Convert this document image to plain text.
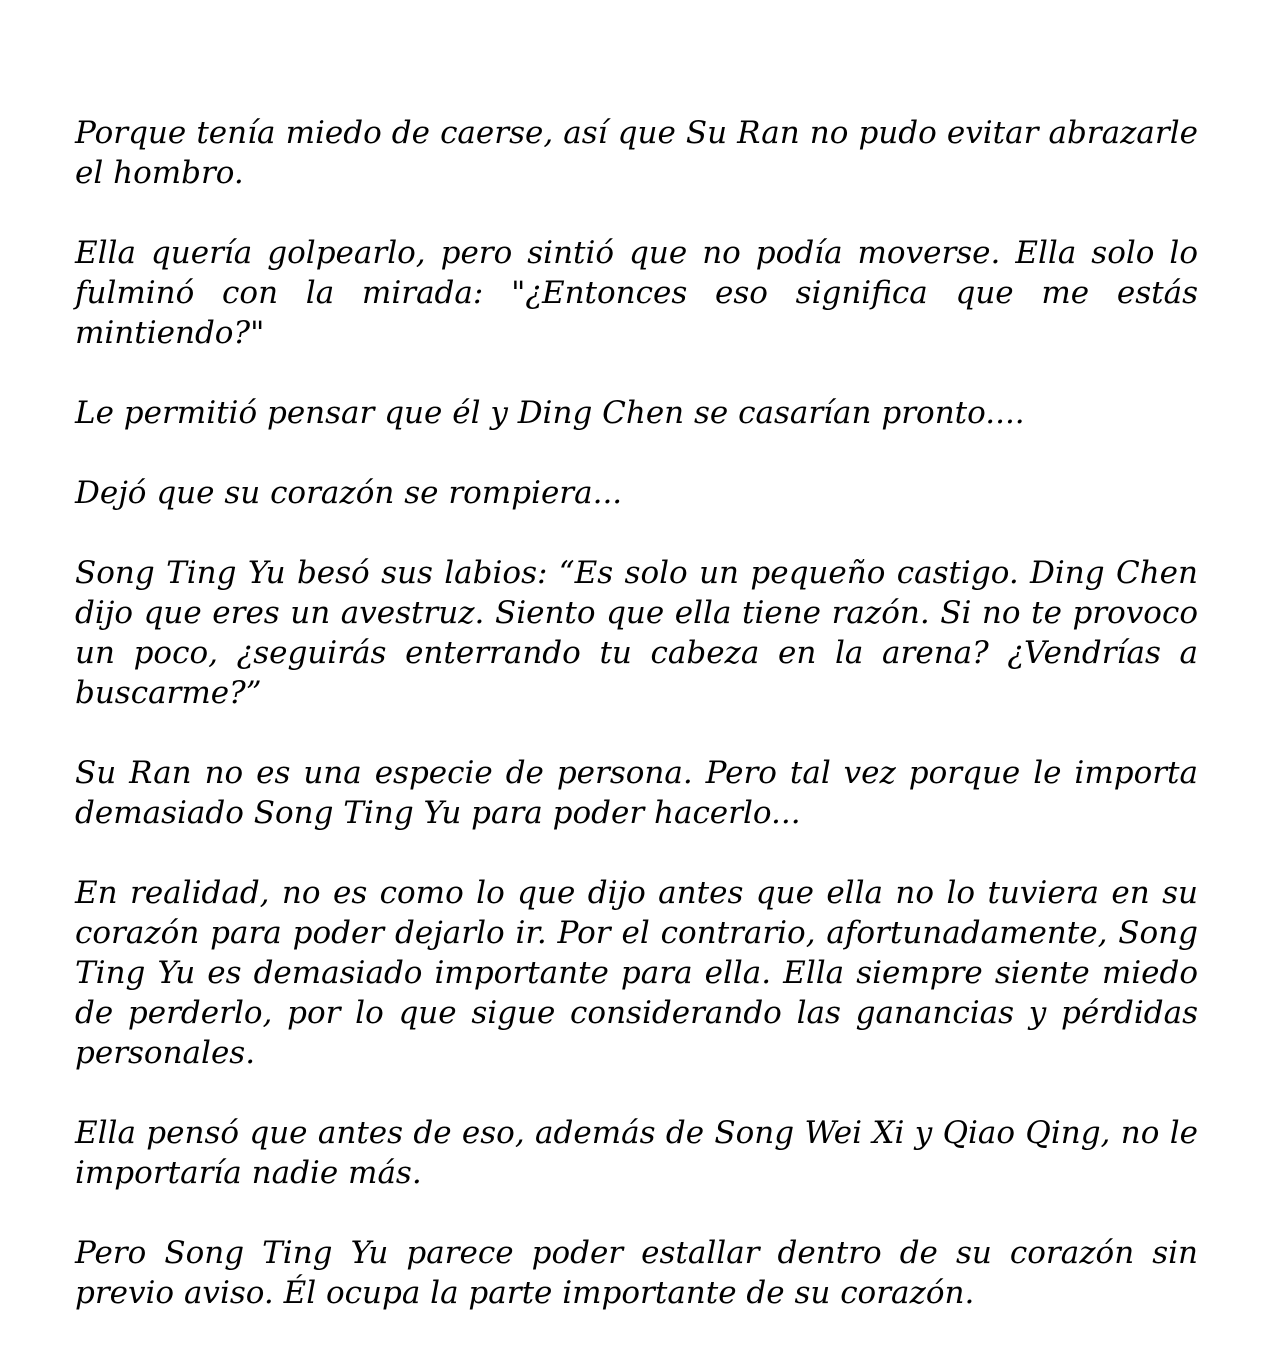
Porque tenía miedo de caerse, así que Su Ran no pudo evitar abrazarle el hombro.

Ella quería golpearlo, pero sintió que no podía moverse. Ella solo lo fulminó con la mirada: "¿Entonces eso significa que me estás mintiendo?"

Le permitió pensar que él y Ding Chen se casarían pronto....

Dejó que su corazón se rompiera...

Song Ting Yu besó sus labios: “Es solo un pequeño castigo. Ding Chen dijo que eres un avestruz. Siento que ella tiene razón. Si no te provoco un poco, ¿seguirás enterrando tu cabeza en la arena? ¿Vendrías a buscarme?”

Su Ran no es una especie de persona. Pero tal vez porque le importa demasiado Song Ting Yu para poder hacerlo...

En realidad, no es como lo que dijo antes que ella no lo tuviera en su corazón para poder dejarlo ir. Por el contrario, afortunadamente, Song Ting Yu es demasiado importante para ella. Ella siempre siente miedo de perderlo, por lo que sigue considerando las ganancias y pérdidas personales.

Ella pensó que antes de eso, además de Song Wei Xi y Qiao Qing, no le importaría nadie más.

Pero Song Ting Yu parece poder estallar dentro de su corazón sin previo aviso. Él ocupa la parte importante de su corazón.
